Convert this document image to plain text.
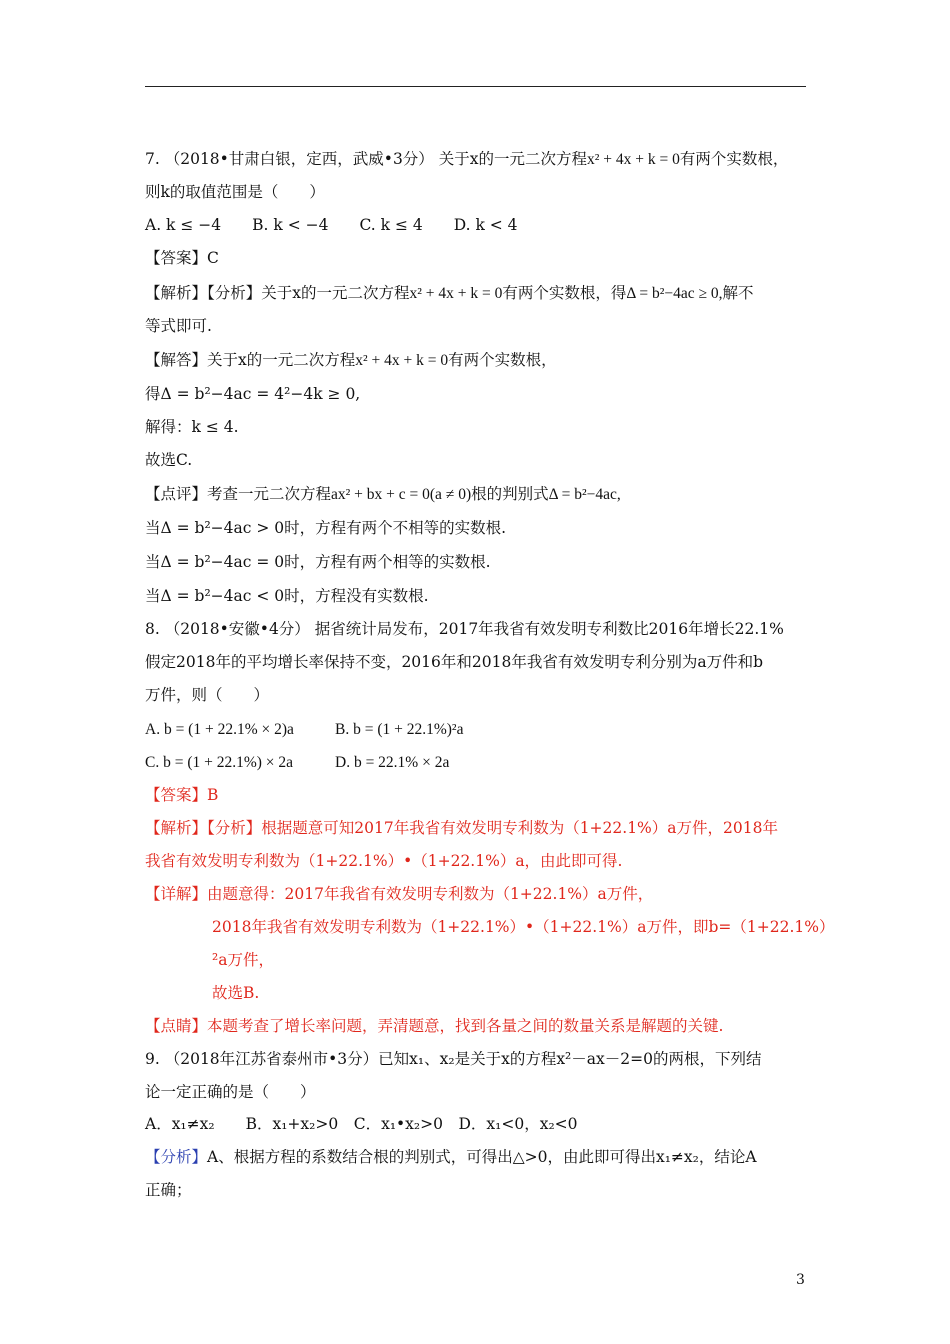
7. （2018•甘肃白银，定西，武威•3分） 关于x的一元二次方程x² + 4x + k = 0有两个实数根，
则k的取值范围是（　　）
A. k ≤ −4　　B. k < −4　　C. k ≤ 4　　D. k < 4
【答案】C
【解析】【分析】关于x的一元二次方程x² + 4x + k = 0有两个实数根，得Δ = b²−4ac ≥ 0,解不
等式即可.
【解答】关于x的一元二次方程x² + 4x + k = 0有两个实数根，
得Δ = b²−4ac = 4²−4k ≥ 0,
解得：k ≤ 4.
故选C.
【点评】考查一元二次方程ax² + bx + c = 0(a ≠ 0)根的判别式Δ = b²−4ac,
当Δ = b²−4ac > 0时，方程有两个不相等的实数根.
当Δ = b²−4ac = 0时，方程有两个相等的实数根.
当Δ = b²−4ac < 0时，方程没有实数根.
8. （2018•安徽•4分） 据省统计局发布，2017年我省有效发明专利数比2016年增长22.1%
假定2018年的平均增长率保持不变，2016年和2018年我省有效发明专利分别为a万件和b
万件，则（　　）
A. b = (1 + 22.1% × 2)a	B. b = (1 + 22.1%)²a
C. b = (1 + 22.1%) × 2a	D. b = 22.1% × 2a
【答案】B
【解析】【分析】根据题意可知2017年我省有效发明专利数为（1+22.1%）a万件，2018年
我省有效发明专利数为（1+22.1%）•（1+22.1%）a，由此即可得.
【详解】由题意得：2017年我省有效发明专利数为（1+22.1%）a万件，
2018年我省有效发明专利数为（1+22.1%）•（1+22.1%）a万件，即b=（1+22.1%）
²a万件，
故选B.
【点睛】本题考查了增长率问题，弄清题意，找到各量之间的数量关系是解题的关键.
9. （2018年江苏省泰州市•3分）已知x₁、x₂是关于x的方程x²－ax－2=0的两根，下列结
论一定正确的是（　　）
A．x₁≠x₂　　B．x₁+x₂>0　C．x₁•x₂>0　D．x₁<0，x₂<0
【分析】A、根据方程的系数结合根的判别式，可得出△>0，由此即可得出x₁≠x₂，结论A
正确；
3
